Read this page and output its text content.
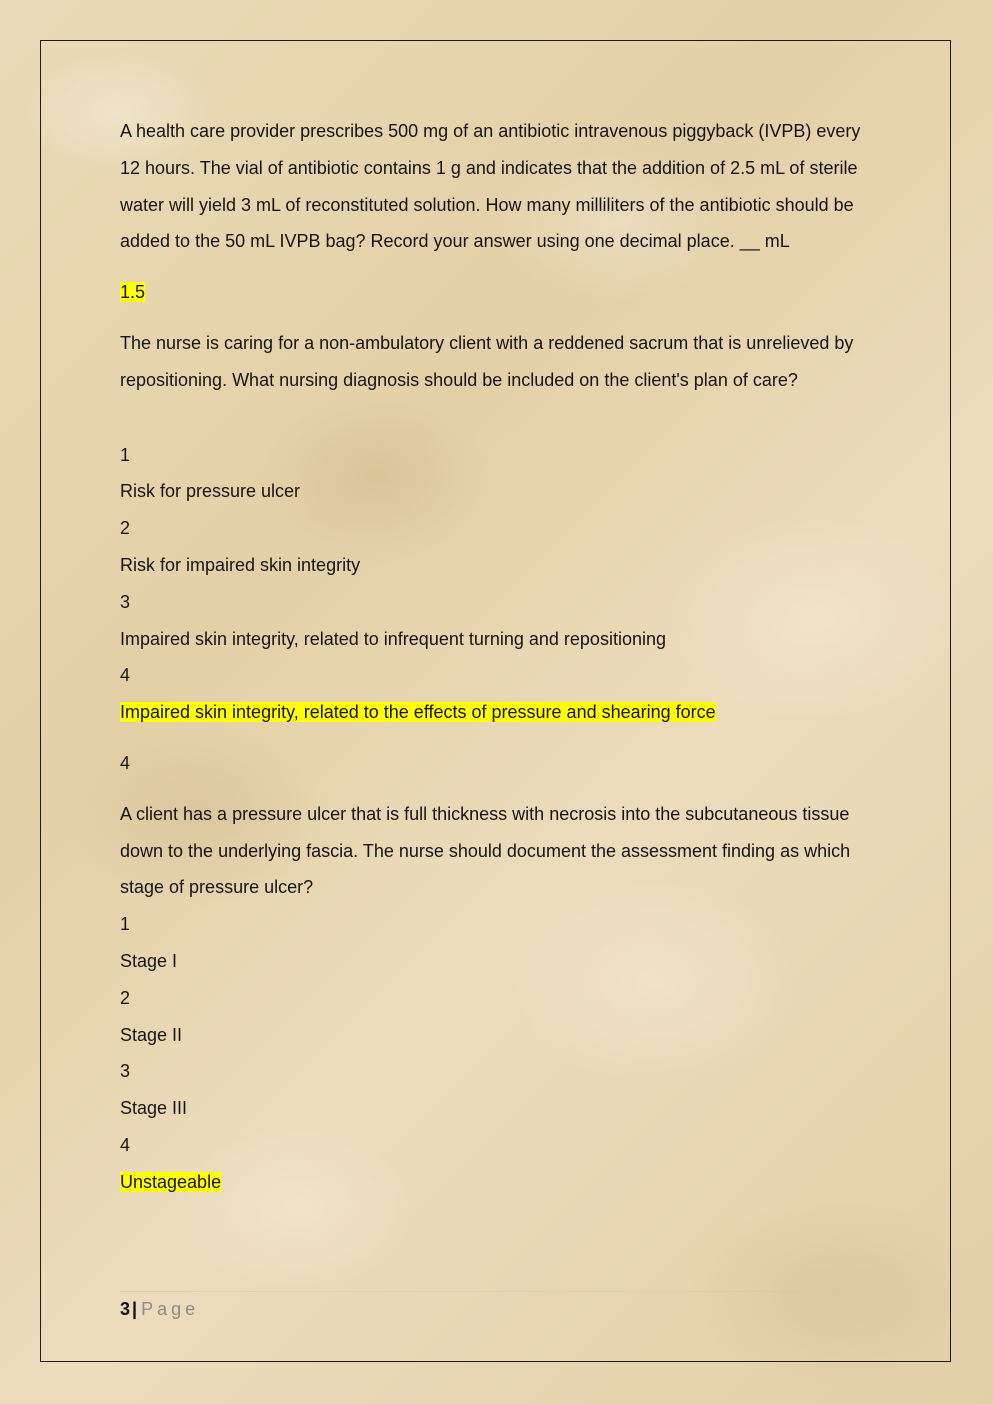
A health care provider prescribes 500 mg of an antibiotic intravenous piggyback (IVPB) every 12 hours. The vial of antibiotic contains 1 g and indicates that the addition of 2.5 mL of sterile water will yield 3 mL of reconstituted solution. How many milliliters of the antibiotic should be added to the 50 mL IVPB bag? Record your answer using one decimal place. __ mL

1.5

The nurse is caring for a non-ambulatory client with a reddened sacrum that is unrelieved by repositioning. What nursing diagnosis should be included on the client's plan of care?

1

Risk for pressure ulcer

2

Risk for impaired skin integrity

3

Impaired skin integrity, related to infrequent turning and repositioning

4

Impaired skin integrity, related to the effects of pressure and shearing force

4

A client has a pressure ulcer that is full thickness with necrosis into the subcutaneous tissue down to the underlying fascia. The nurse should document the assessment finding as which stage of pressure ulcer?

1

Stage I

2

Stage II

3

Stage III

4

Unstageable

3 | Page
